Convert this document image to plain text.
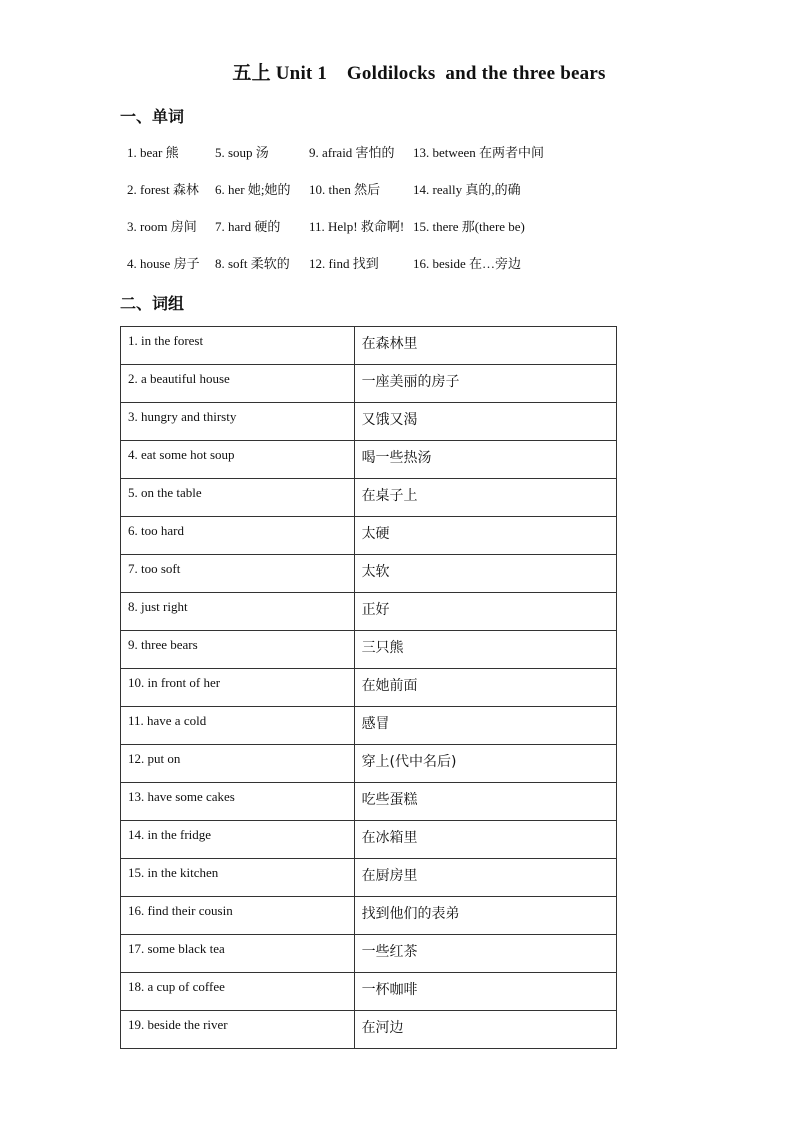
五上 Unit 1 Goldilocks  and the three bears
一、单词
1. bear 熊	5. soup 汤	9. afraid 害怕的 13. between 在两者中间
2. forest 森林 6. her 她;她的 10. then 然后	14. really 真的,的确
3. room 房间 7. hard 硬的 11. Help! 救命啊! 15. there 那(there be)
4. house 房子 8. soft 柔软的 12. find 找到	16. beside 在…旁边
二、词组
1. in the forest	在森林里
2. a beautiful house	一座美丽的房子
3. hungry and thirsty	又饿又渴
4. eat some hot soup	喝一些热汤
5. on the table	在桌子上
6. too hard	太硬
7. too soft	太软
8. just right	正好
9. three bears	三只熊
10. in front of her	在她前面
11. have a cold	感冒
12. put on	穿上(代中名后)
13. have some cakes	吃些蛋糕
14. in the fridge	在冰箱里
15. in the kitchen	在厨房里
16. find their cousin	找到他们的表弟
17. some black tea	一些红茶
18. a cup of coffee	一杯咖啡
19. beside the river	在河边
